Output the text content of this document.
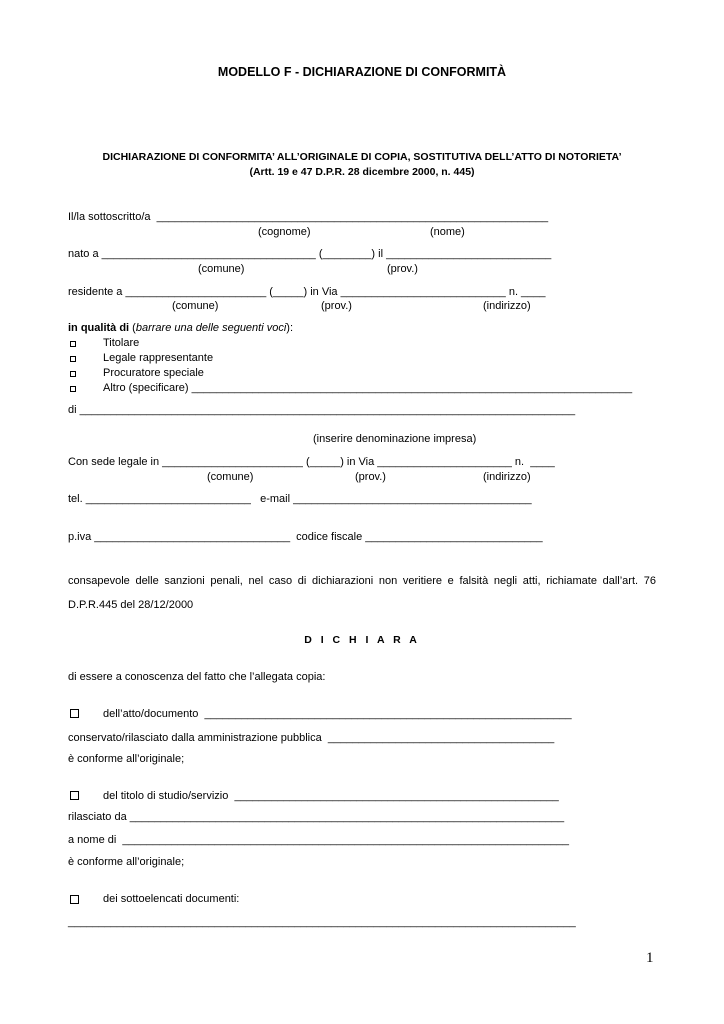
MODELLO F - DICHIARAZIONE DI CONFORMITÀ
DICHIARAZIONE DI CONFORMITA’ ALL’ORIGINALE DI COPIA, SOSTITUTIVA DELL’ATTO DI NOTORIETA’
(Artt. 19 e 47 D.P.R. 28 dicembre 2000, n. 445)
Il/la sottoscritto/a  ________________________________________________________________
(cognome)	(nome)
nato a ___________________________________ (________) il ___________________________
(comune)	(prov.)
residente a _______________________ (_____) in Via ___________________________ n. ____
(comune)	(prov.)	(indirizzo)
in qualità di (barrare una delle seguenti voci):
Titolare
Legale rappresentante
Procuratore speciale
Altro (specificare) ________________________________________________________________________
di _________________________________________________________________________________
(inserire denominazione impresa)
Con sede legale in _______________________ (_____) in Via ______________________ n.  ____
(comune)	(prov.)	(indirizzo)
tel. ___________________________   e-mail _______________________________________
p.iva ________________________________  codice fiscale _____________________________
consapevole delle sanzioni penali, nel caso di dichiarazioni non veritiere e falsità negli atti, richiamate dall’art. 76
D.P.R.445 del 28/12/2000
D I C H I A R A
di essere a conoscenza del fatto che l’allegata copia:
dell’atto/documento  ____________________________________________________________
conservato/rilasciato dalla amministrazione pubblica  _____________________________________
è conforme all’originale;
del titolo di studio/servizio  _____________________________________________________
rilasciato da _______________________________________________________________________
a nome di  _________________________________________________________________________
è conforme all’originale;
dei sottoelencati documenti:
___________________________________________________________________________________
1
